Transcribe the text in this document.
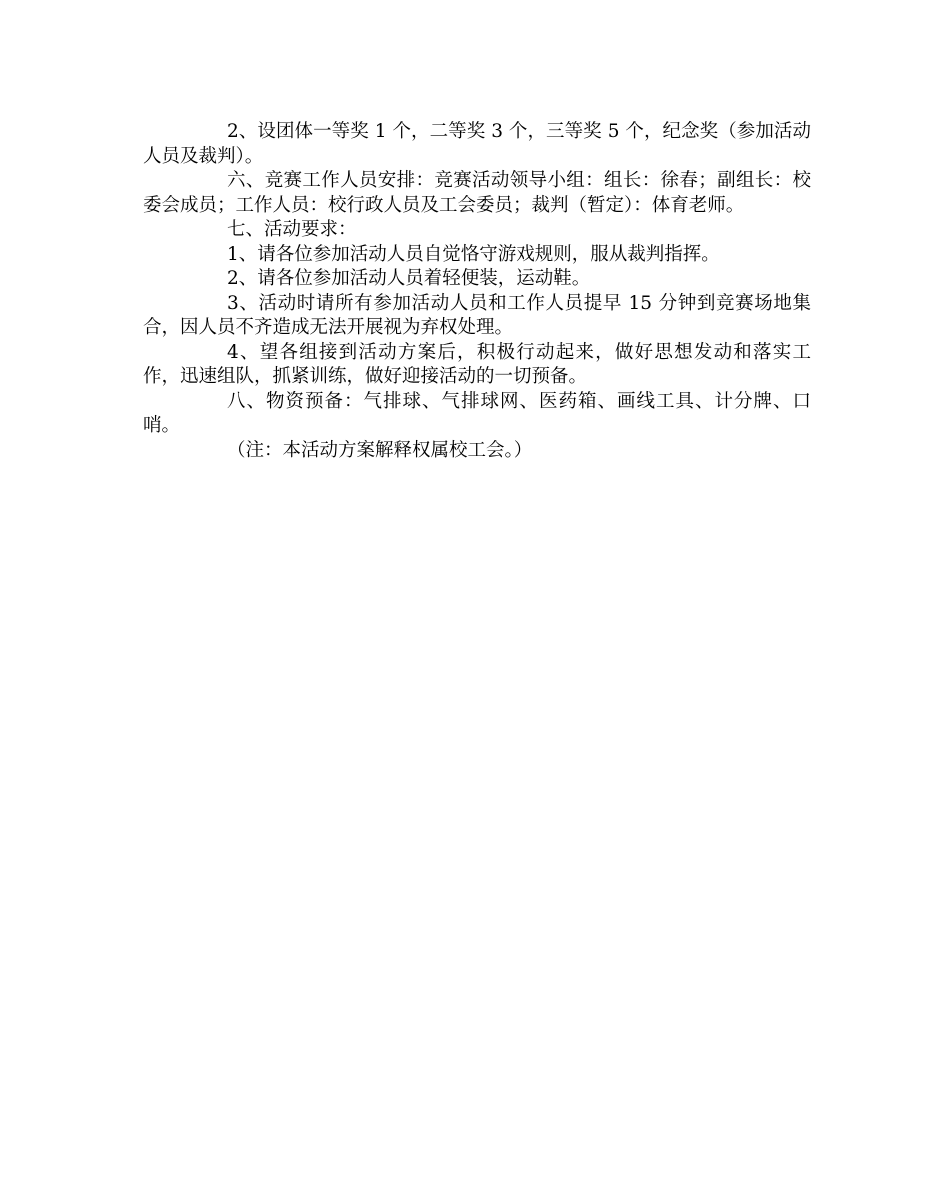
2、设团体一等奖 1 个，二等奖 3 个，三等奖 5 个，纪念奖（参加活动人员及裁判）。

六、竞赛工作人员安排：竞赛活动领导小组：组长：徐春；副组长：校委会成员；工作人员：校行政人员及工会委员；裁判（暂定）：体育老师。

七、活动要求：

1、请各位参加活动人员自觉恪守游戏规则，服从裁判指挥。

2、请各位参加活动人员着轻便装，运动鞋。

3、活动时请所有参加活动人员和工作人员提早 15 分钟到竞赛场地集合，因人员不齐造成无法开展视为弃权处理。

4、望各组接到活动方案后，积极行动起来，做好思想发动和落实工作，迅速组队，抓紧训练，做好迎接活动的一切预备。

八、物资预备：气排球、气排球网、医药箱、画线工具、计分牌、口哨。

（注：本活动方案解释权属校工会。）
